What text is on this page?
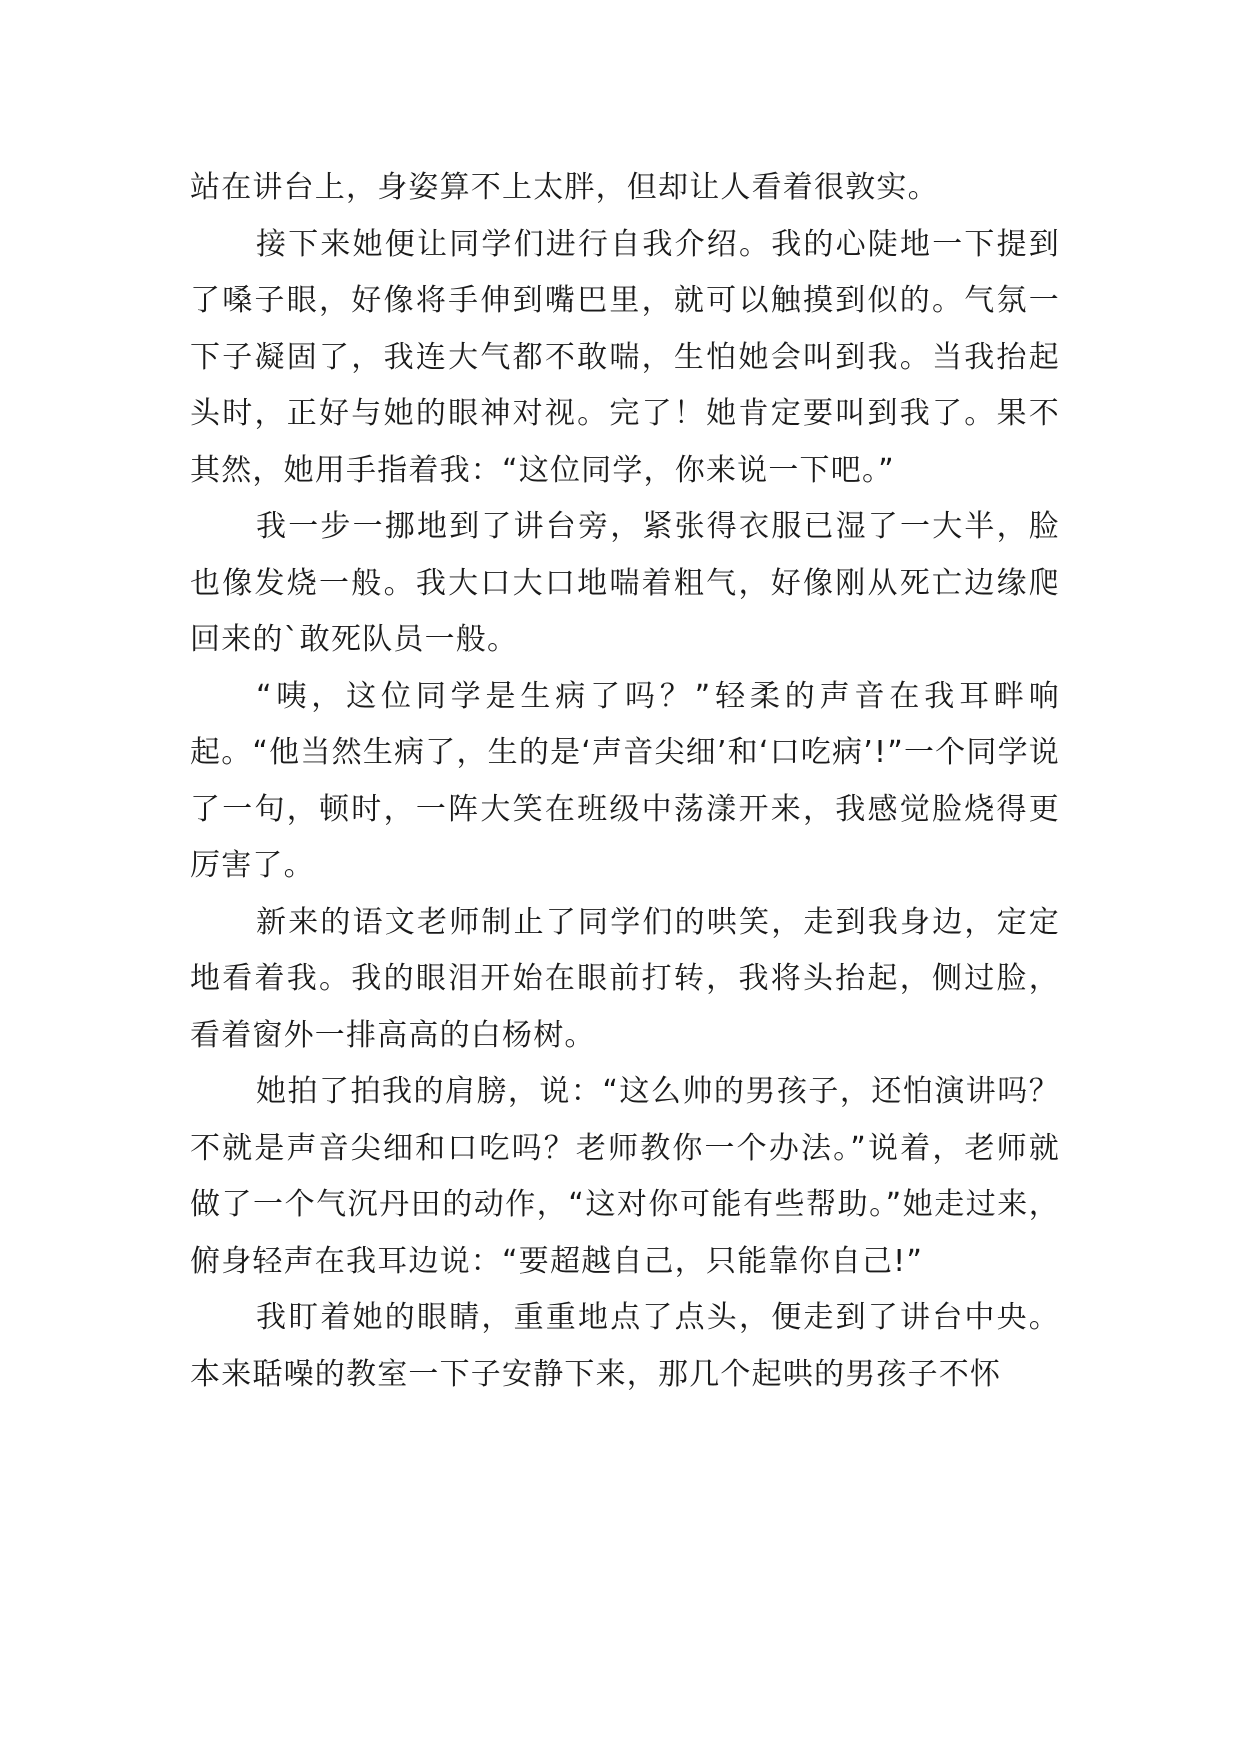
站在讲台上，身姿算不上太胖，但却让人看着很敦实。

接下来她便让同学们进行自我介绍。我的心陡地一下提到了嗓子眼，好像将手伸到嘴巴里，就可以触摸到似的。气氛一下子凝固了，我连大气都不敢喘，生怕她会叫到我。当我抬起头时，正好与她的眼神对视。完了！她肯定要叫到我了。果不其然，她用手指着我：“这位同学，你来说一下吧。”

我一步一挪地到了讲台旁，紧张得衣服已湿了一大半，脸也像发烧一般。我大口大口地喘着粗气，好像刚从死亡边缘爬回来的`敢死队员一般。

“咦，这位同学是生病了吗？”轻柔的声音在我耳畔响起。“他当然生病了，生的是‘声音尖细’和‘口吃病’!”一个同学说了一句，顿时，一阵大笑在班级中荡漾开来，我感觉脸烧得更厉害了。

新来的语文老师制止了同学们的哄笑，走到我身边，定定地看着我。我的眼泪开始在眼前打转，我将头抬起，侧过脸，看着窗外一排高高的白杨树。

她拍了拍我的肩膀，说：“这么帅的男孩子，还怕演讲吗？不就是声音尖细和口吃吗？老师教你一个办法。”说着，老师就做了一个气沉丹田的动作，“这对你可能有些帮助。”她走过来，俯身轻声在我耳边说：“要超越自己，只能靠你自己!”

我盯着她的眼睛，重重地点了点头，便走到了讲台中央。本来聒噪的教室一下子安静下来，那几个起哄的男孩子不怀
